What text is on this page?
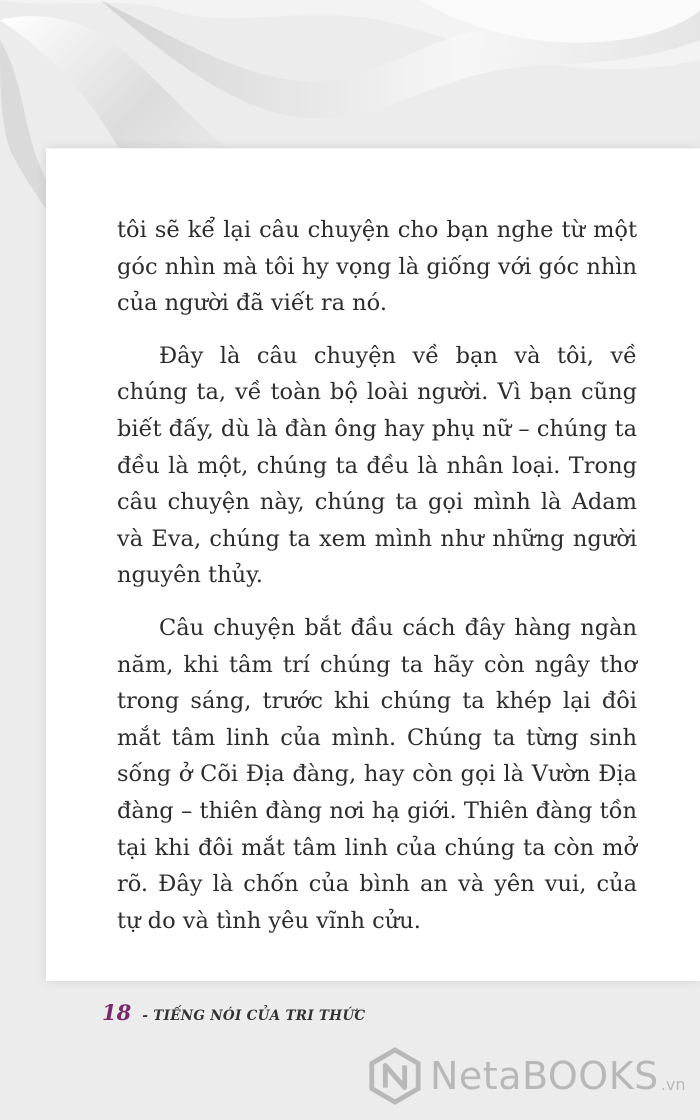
tôi sẽ kể lại câu chuyện cho bạn nghe từ một góc nhìn mà tôi hy vọng là giống với góc nhìn của người đã viết ra nó.

Đây là câu chuyện về bạn và tôi, về chúng ta, về toàn bộ loài người. Vì bạn cũng biết đấy, dù là đàn ông hay phụ nữ – chúng ta đều là một, chúng ta đều là nhân loại. Trong câu chuyện này, chúng ta gọi mình là Adam và Eva, chúng ta xem mình như những người nguyên thủy.

Câu chuyện bắt đầu cách đây hàng ngàn năm, khi tâm trí chúng ta hãy còn ngây thơ trong sáng, trước khi chúng ta khép lại đôi mắt tâm linh của mình. Chúng ta từng sinh sống ở Cõi Địa đàng, hay còn gọi là Vườn Địa đàng – thiên đàng nơi hạ giới. Thiên đàng tồn tại khi đôi mắt tâm linh của chúng ta còn mở rõ. Đây là chốn của bình an và yên vui, của tự do và tình yêu vĩnh cửu.

18 - TIẾNG NÓI CỦA TRI THỨC
NetaBOOKS .vn
